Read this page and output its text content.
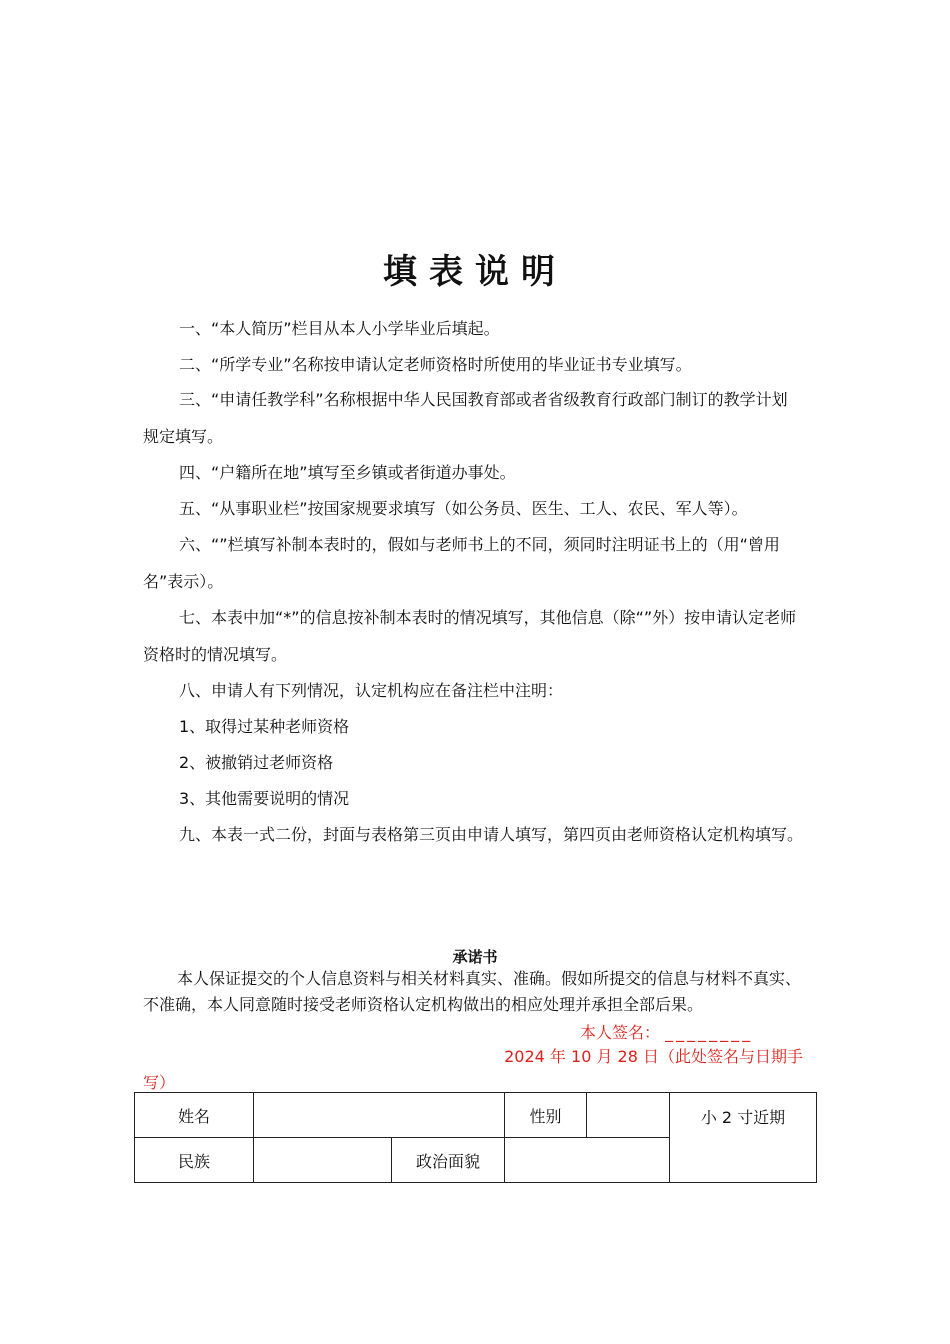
填表说明
一、“本人简历”栏目从本人小学毕业后填起。
二、“所学专业”名称按申请认定老师资格时所使用的毕业证书专业填写。
三、“申请任教学科”名称根据中华人民国教育部或者省级教育行政部门制订的教学计划规定填写。
四、“户籍所在地”填写至乡镇或者街道办事处。
五、“从事职业栏”按国家规要求填写（如公务员、医生、工人、农民、军人等）。
六、“”栏填写补制本表时的，假如与老师书上的不同，须同时注明证书上的（用“曾用名”表示）。
七、本表中加“*”的信息按补制本表时的情况填写，其他信息（除“”外）按申请认定老师资格时的情况填写。
八、申请人有下列情况，认定机构应在备注栏中注明：
1、取得过某种老师资格
2、被撤销过老师资格
3、其他需要说明的情况
九、本表一式二份，封面与表格第三页由申请人填写，第四页由老师资格认定机构填写。
承诺书
本人保证提交的个人信息资料与相关材料真实、准确。假如所提交的信息与材料不真实、不准确，本人同意随时接受老师资格认定机构做出的相应处理并承担全部后果。
本人签名： ________
2024 年 10 月 28 日（此处签名与日期手
写）
姓名			性别		小 2 寸近期
民族		政治面貌			
